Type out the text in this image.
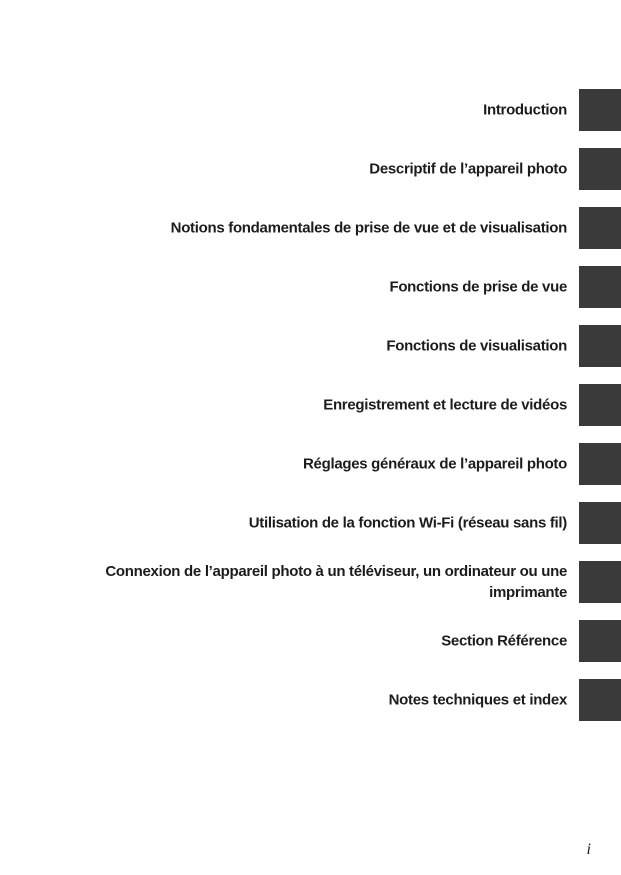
Introduction
Descriptif de l’appareil photo
Notions fondamentales de prise de vue et de visualisation
Fonctions de prise de vue
Fonctions de visualisation
Enregistrement et lecture de vidéos
Réglages généraux de l’appareil photo
Utilisation de la fonction Wi-Fi (réseau sans fil)
Connexion de l’appareil photo à un téléviseur, un ordinateur ou une imprimante
Section Référence
Notes techniques et index
i
